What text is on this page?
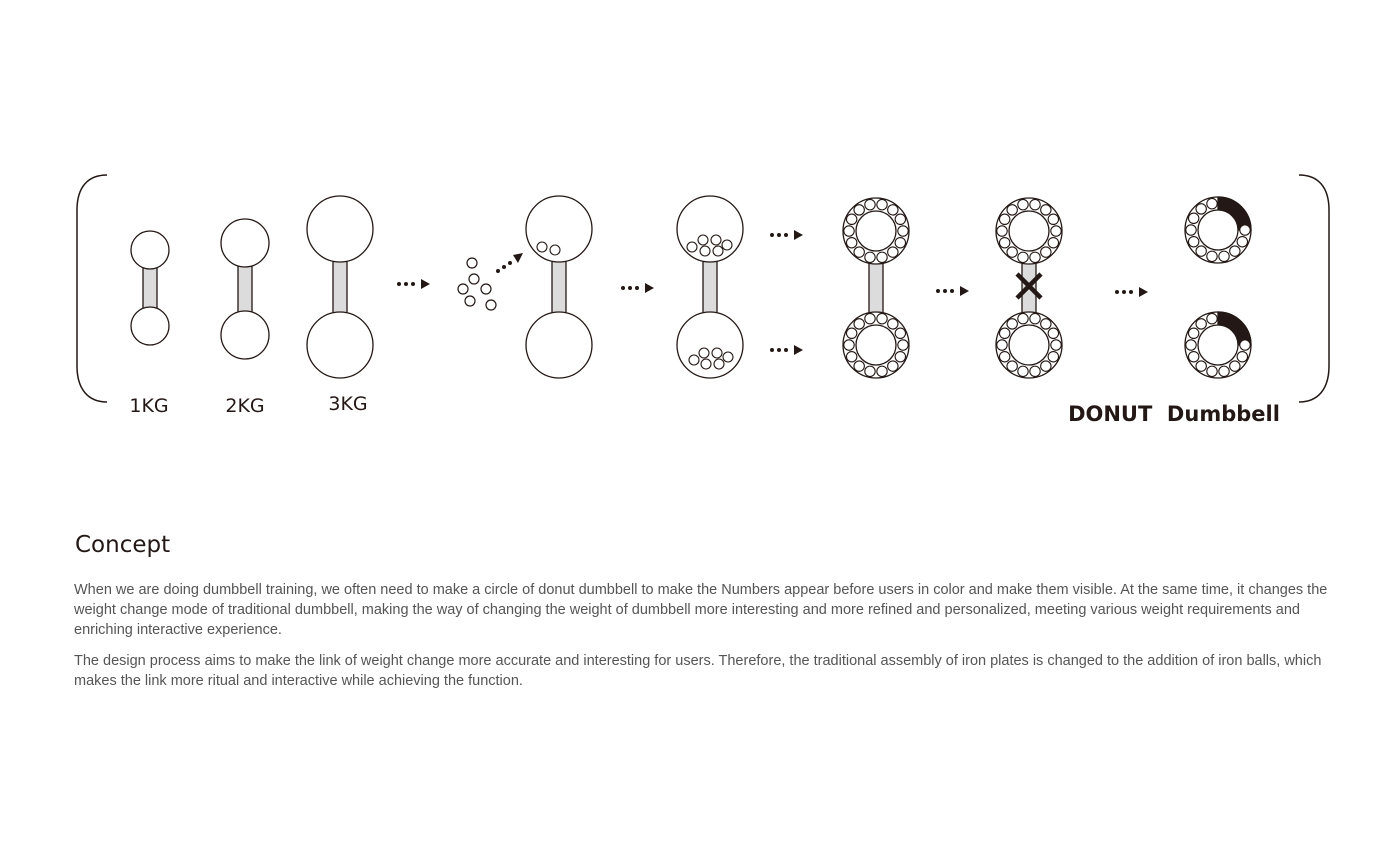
1KG	2KG	3KG	DONUT  Dumbbell
Concept

When we are doing dumbbell training, we often need to make a circle of donut dumbbell to make the Numbers appear before users in color and make them visible. At the same time, it changes the weight change mode of traditional dumbbell, making the way of changing the weight of dumbbell more interesting and more refined and personalized, meeting various weight requirements and enriching interactive experience.

The design process aims to make the link of weight change more accurate and interesting for users. Therefore, the traditional assembly of iron plates is changed to the addition of iron balls, which makes the link more ritual and interactive while achieving the function.
